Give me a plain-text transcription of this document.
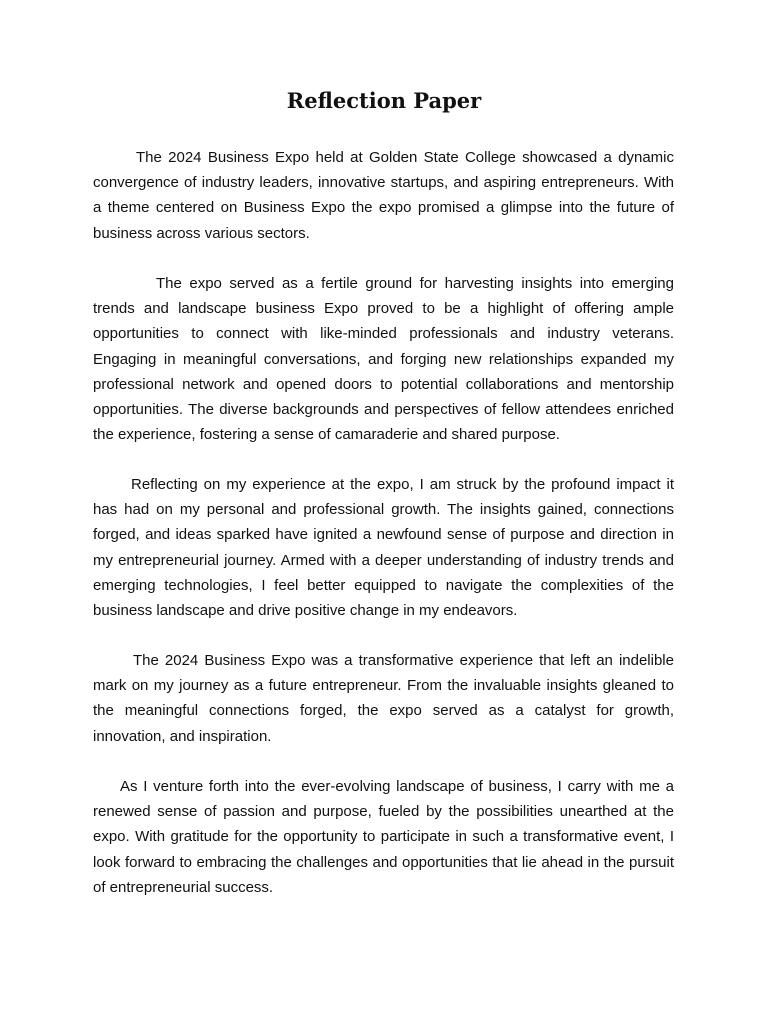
Reflection Paper

The 2024 Business Expo held at Golden State College showcased a dynamic convergence of industry leaders, innovative startups, and aspiring entrepreneurs. With a theme centered on Business Expo the expo promised a glimpse into the future of business across various sectors.

The expo served as a fertile ground for harvesting insights into emerging trends and landscape business Expo proved to be a highlight of offering ample opportunities to connect with like-minded professionals and industry veterans. Engaging in meaningful conversations, and forging new relationships expanded my professional network and opened doors to potential collaborations and mentorship opportunities. The diverse backgrounds and perspectives of fellow attendees enriched the experience, fostering a sense of camaraderie and shared purpose.

Reflecting on my experience at the expo, I am struck by the profound impact it has had on my personal and professional growth. The insights gained, connections forged, and ideas sparked have ignited a newfound sense of purpose and direction in my entrepreneurial journey. Armed with a deeper understanding of industry trends and emerging technologies, I feel better equipped to navigate the complexities of the business landscape and drive positive change in my endeavors.

The 2024 Business Expo was a transformative experience that left an indelible mark on my journey as a future entrepreneur. From the invaluable insights gleaned to the meaningful connections forged, the expo served as a catalyst for growth, innovation, and inspiration.

As I venture forth into the ever-evolving landscape of business, I carry with me a renewed sense of passion and purpose, fueled by the possibilities unearthed at the expo. With gratitude for the opportunity to participate in such a transformative event, I look forward to embracing the challenges and opportunities that lie ahead in the pursuit of entrepreneurial success.
